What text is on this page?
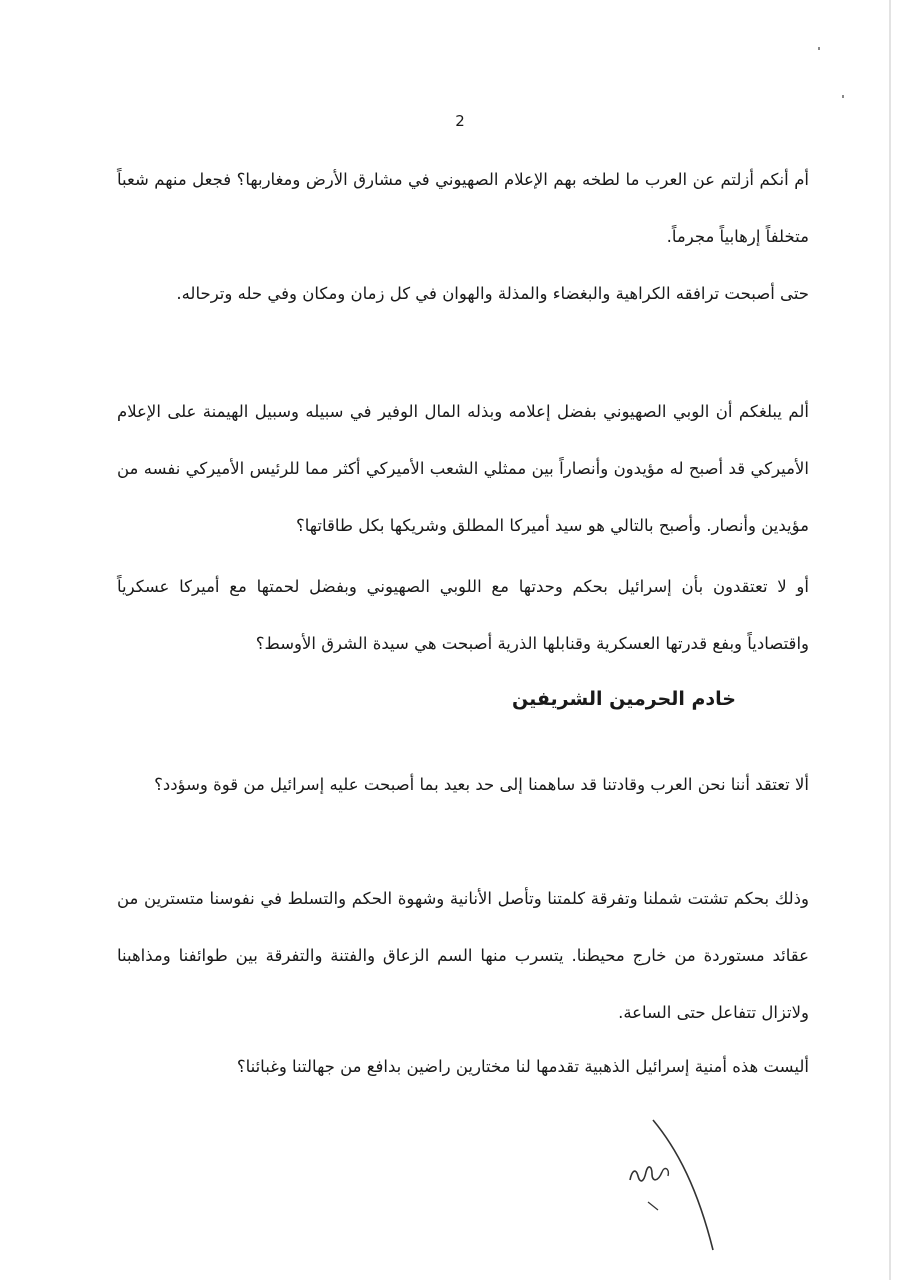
2

أم أنكم أزلتم عن العرب ما لطخه بهم الإعلام الصهيوني في مشارق الأرض ومغاربها؟ فجعل منهم شعباً متخلفاً إرهابياً مجرماً.

حتى أصبحت ترافقه الكراهية والبغضاء والمذلة والهوان في كل زمان ومكان وفي حله وترحاله.

ألم يبلغكم أن الوبي الصهيوني بفضل إعلامه وبذله المال الوفير في سبيله وسبيل الهيمنة على الإعلام الأميركي قد أصبح له مؤيدون وأنصاراً بين ممثلي الشعب الأميركي أكثر مما للرئيس الأميركي نفسه من مؤيدين وأنصار. وأصبح بالتالي هو سيد أميركا المطلق وشريكها بكل طاقاتها؟

أو لا تعتقدون بأن إسرائيل بحكم وحدتها مع اللوبي الصهيوني وبفضل لحمتها مع أميركا عسكرياً واقتصادياً وبفع قدرتها العسكرية وقنابلها الذرية أصبحت هي سيدة الشرق الأوسط؟

خادم الحرمين الشريفين

ألا تعتقد أننا نحن العرب وقادتنا قد ساهمنا إلى حد بعيد بما أصبحت عليه إسرائيل من قوة وسؤدد؟

وذلك بحكم تشتت شملنا وتفرقة كلمتنا وتأصل الأنانية وشهوة الحكم والتسلط في نفوسنا متسترين من عقائد مستوردة من خارج محيطنا. يتسرب منها السم الزعاق والفتنة والتفرقة بين طوائفنا ومذاهبنا ولاتزال تتفاعل حتى الساعة.

أليست هذه أمنية إسرائيل الذهبية تقدمها لنا مختارين راضين بدافع من جهالتنا وغبائنا؟
